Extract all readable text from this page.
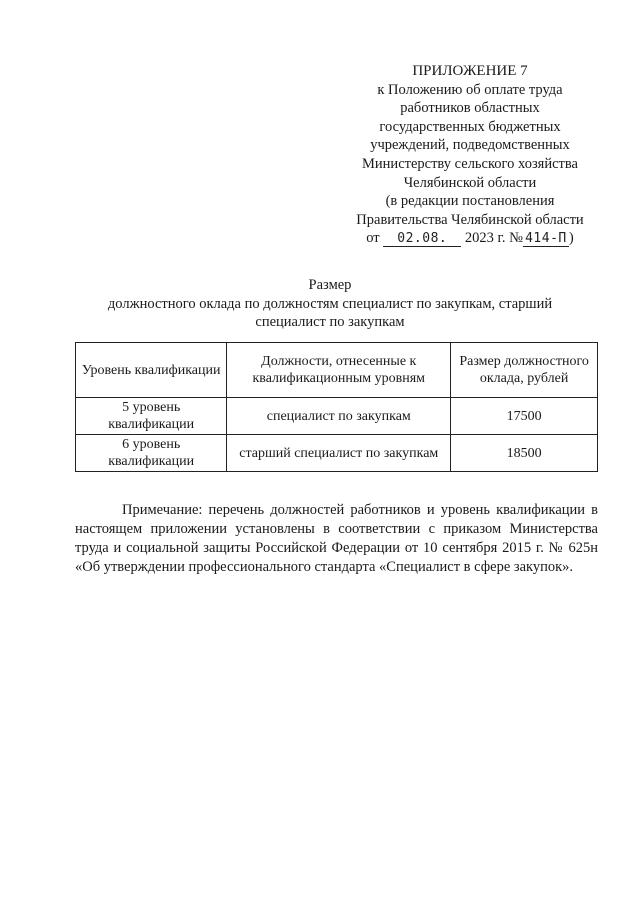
ПРИЛОЖЕНИЕ 7
к Положению об оплате труда
работников областных
государственных бюджетных
учреждений, подведомственных
Министерству сельского хозяйства
Челябинской области
(в редакции постановления
Правительства Челябинской области
от 02.08. 2023 г. № 414-П )
Размер
должностного оклада по должностям специалист по закупкам, старший
специалист по закупкам
Уровень квалификации	Должности, отнесенные к квалификационным уровням	Размер должностного оклада, рублей
5 уровень квалификации	специалист по закупкам	17500
6 уровень квалификации	старший специалист по закупкам	18500

Примечание: перечень должностей работников и уровень квалификации в настоящем приложении установлены в соответствии с приказом Министерства труда и социальной защиты Российской Федерации от 10 сентября 2015 г. № 625н «Об утверждении профессионального стандарта «Специалист в сфере закупок».
